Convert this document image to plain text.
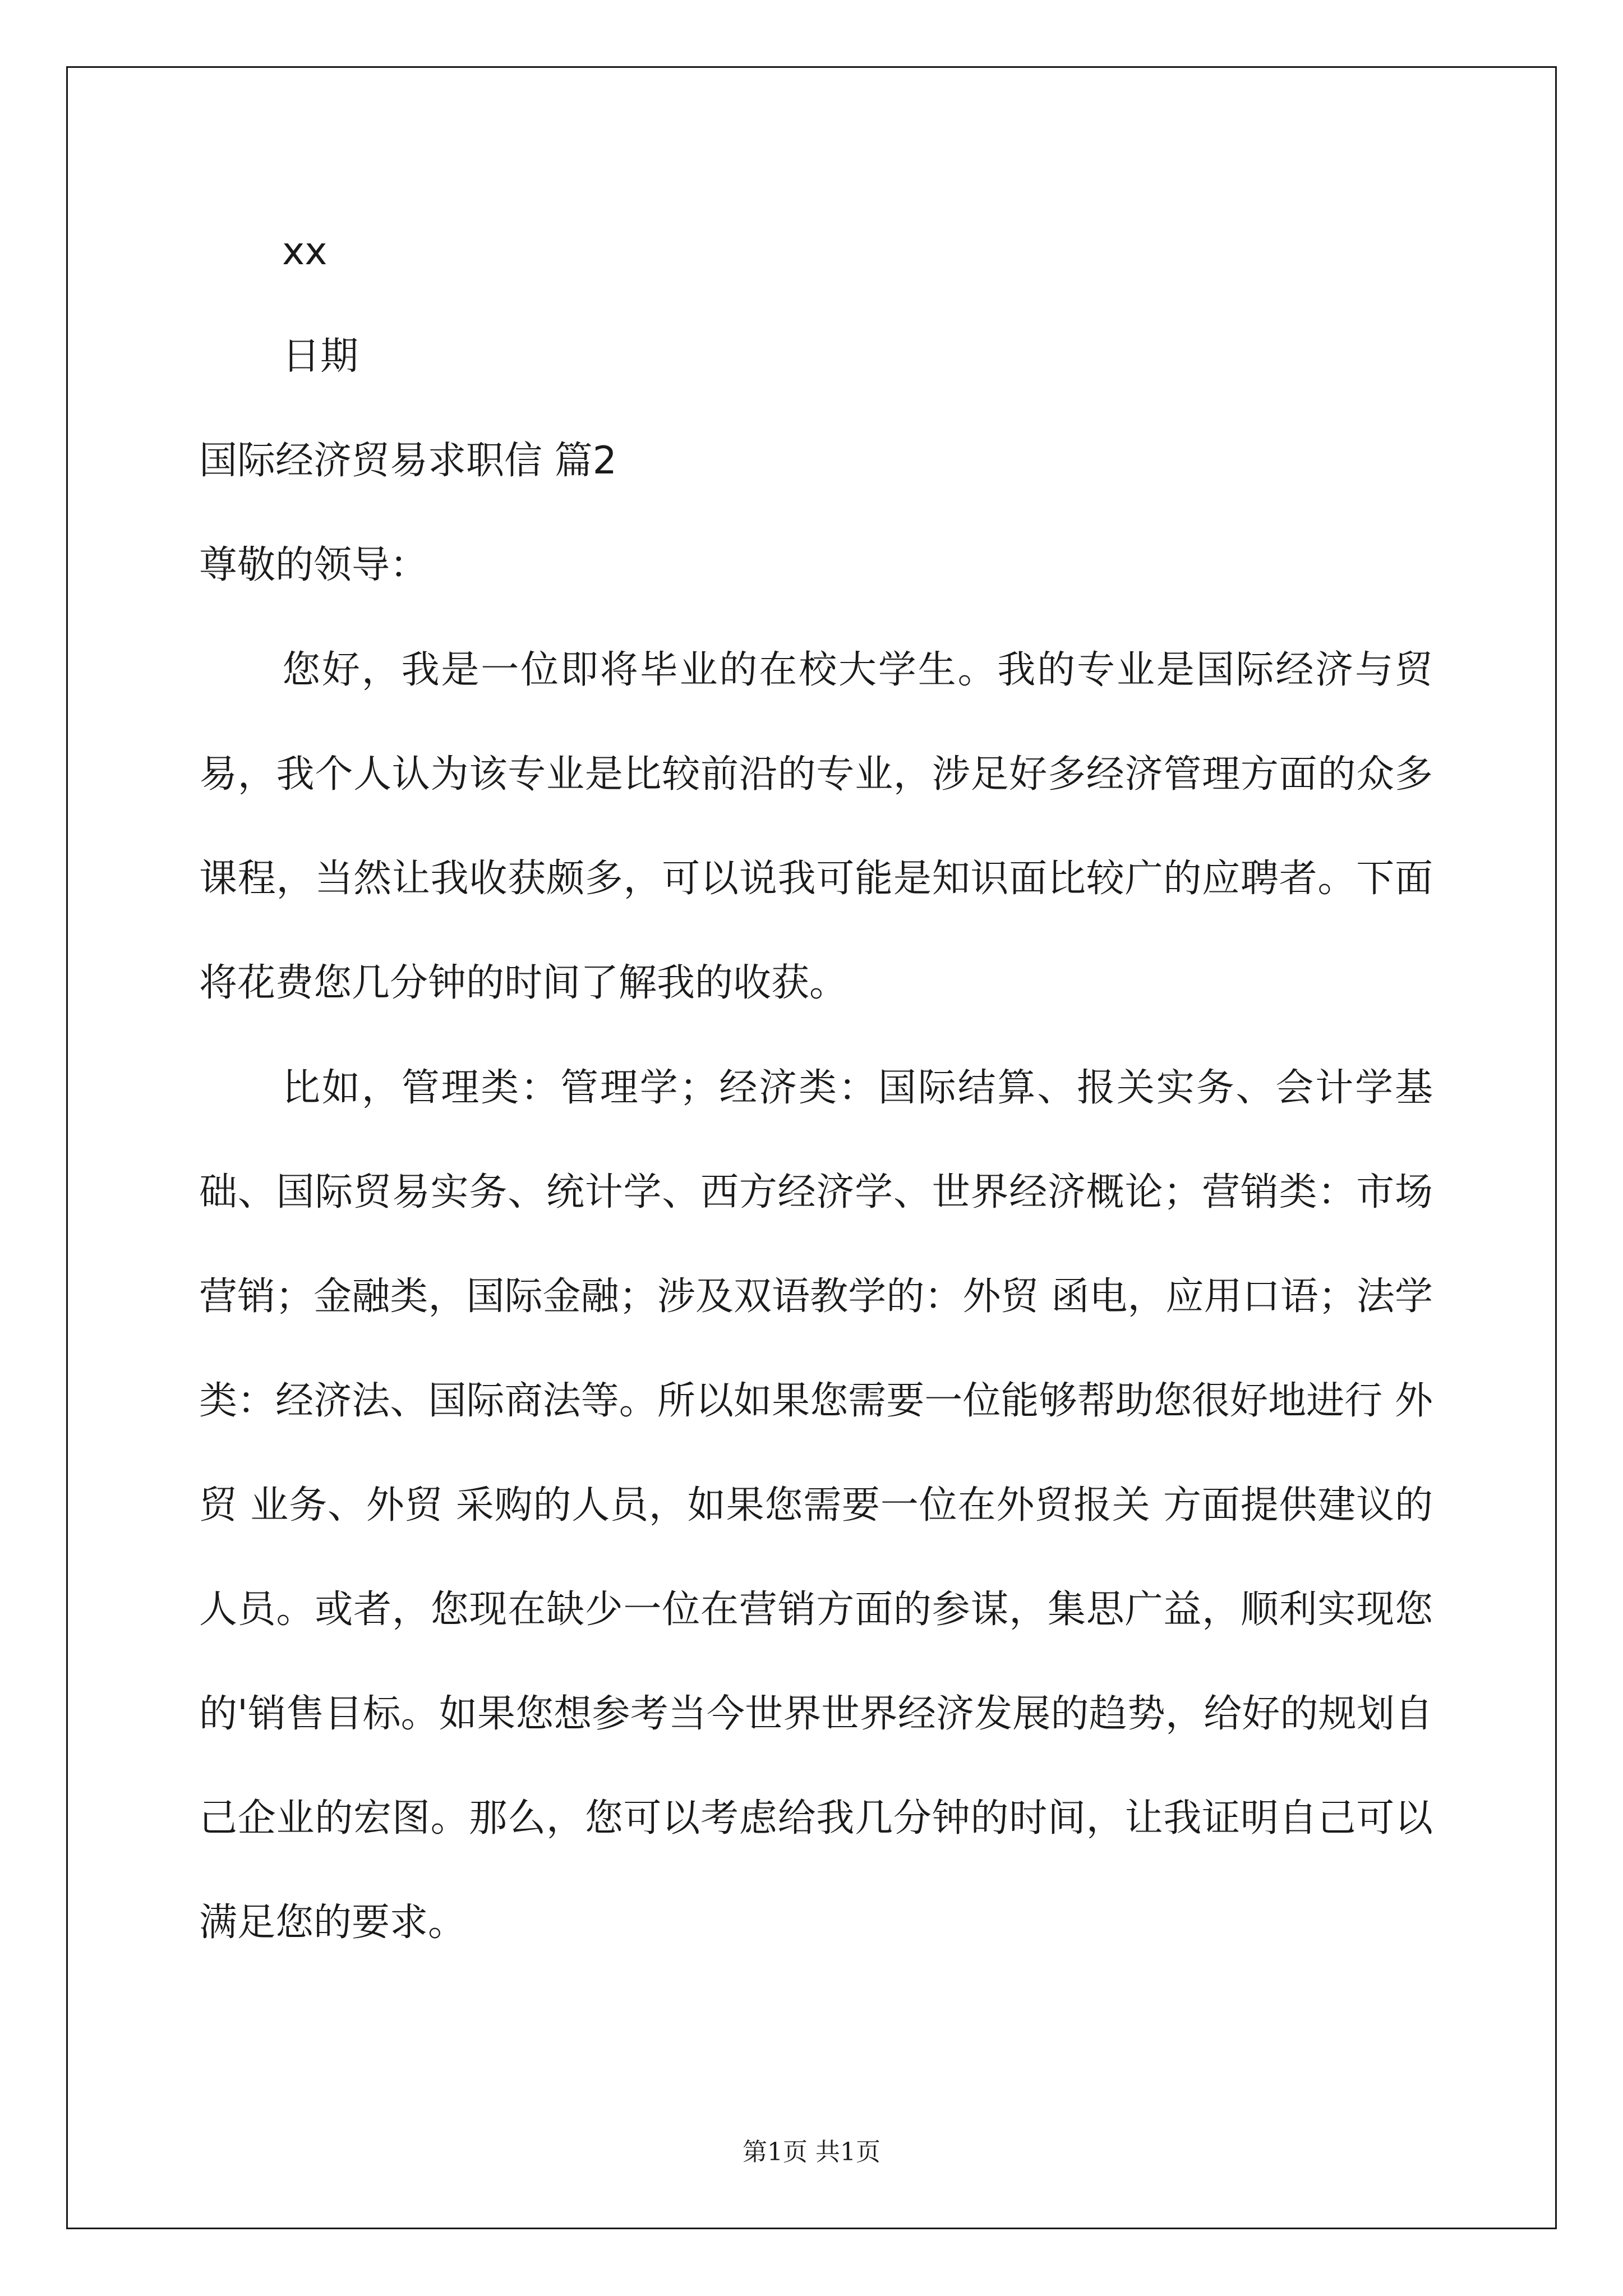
xx
日期
国际经济贸易求职信 篇2
尊敬的领导：

您好，我是一位即将毕业的在校大学生。我的专业是国际经济与贸易，我个人认为该专业是比较前沿的专业，涉足好多经济管理方面的众多课程，当然让我收获颇多，可以说我可能是知识面比较广的应聘者。下面将花费您几分钟的时间了解我的收获。

比如，管理类：管理学；经济类：国际结算、报关实务、会计学基础、国际贸易实务、统计学、西方经济学、世界经济概论；营销类：市场营销；金融类，国际金融；涉及双语教学的：外贸 函电，应用口语；法学类：经济法、国际商法等。所以如果您需要一位能够帮助您很好地进行 外贸 业务、外贸 采购的人员，如果您需要一位在外贸报关 方面提供建议的人员。或者，您现在缺少一位在营销方面的参谋，集思广益，顺利实现您的'销售目标。如果您想参考当今世界世界经济发展的趋势，给好的规划自己企业的宏图。那么，您可以考虑给我几分钟的时间，让我证明自己可以满足您的要求。

第1页 共1页
